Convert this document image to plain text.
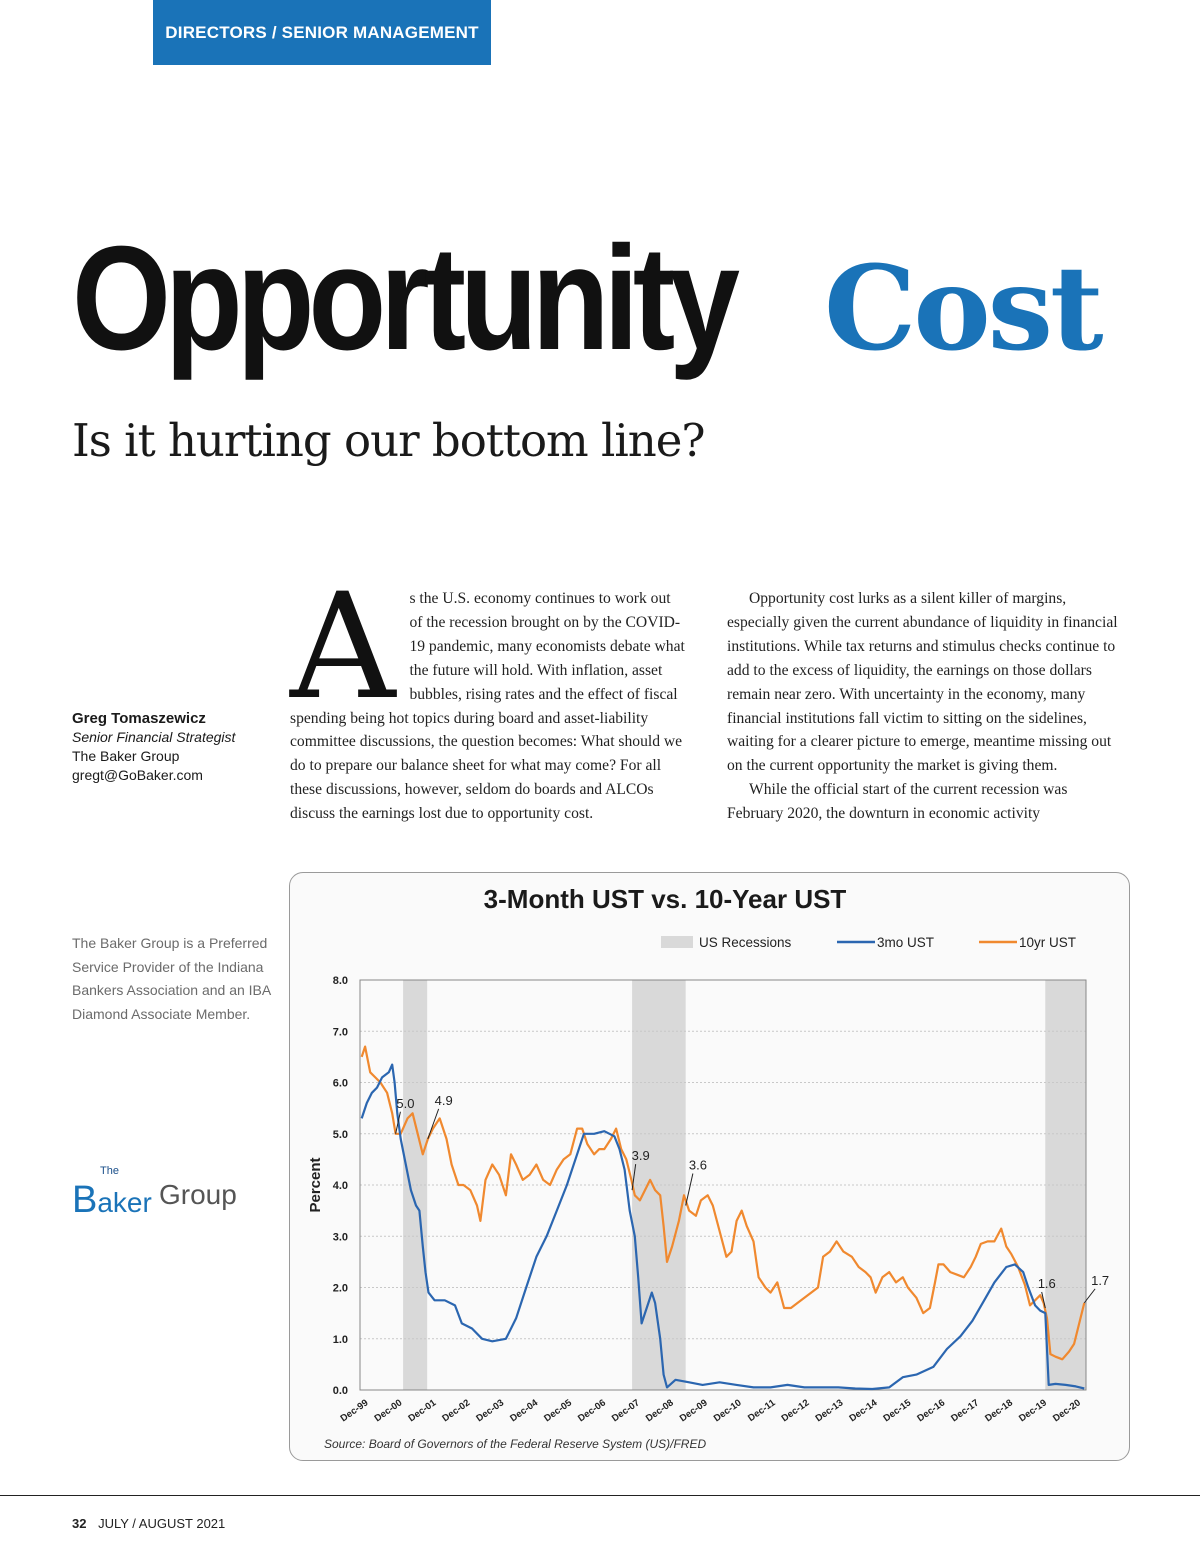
DIRECTORS / SENIOR MANAGEMENT
Opportunity Cost
Is it hurting our bottom line?
Greg Tomaszewicz
Senior Financial Strategist
The Baker Group
gregt@GoBaker.com
The Baker Group is a Preferred Service Provider of the Indiana Bankers Association and an IBA Diamond Associate Member.
The
Baker Group
A s the U.S. economy continues to work out of the recession brought on by the COVID-19 pandemic, many economists debate what the future will hold. With inflation, asset bubbles, rising rates and the effect of fiscal spending being hot topics during board and asset-liability committee discussions, the question becomes: What should we do to prepare our balance sheet for what may come? For all these discussions, however, seldom do boards and ALCOs discuss the earnings lost due to opportunity cost.

Opportunity cost lurks as a silent killer of margins, especially given the current abundance of liquidity in financial institutions. While tax returns and stimulus checks continue to add to the excess of liquidity, the earnings on those dollars remain near zero. With uncertainty in the economy, many financial institutions fall victim to sitting on the sidelines, waiting for a clearer picture to emerge, meantime missing out on the current opportunity the market is giving them.

While the official start of the current recession was February 2020, the downturn in economic activity

3-Month UST vs. 10-Year UST
0.0
1.0
2.0
3.0
4.0
5.0
6.0
7.0
8.0
Percent
Dec-99 Dec-00 Dec-01 Dec-02 Dec-03 Dec-04 Dec-05 Dec-06 Dec-07 Dec-08 Dec-09 Dec-10 Dec-11 Dec-12 Dec-13 Dec-14 Dec-15 Dec-16 Dec-17 Dec-18 Dec-19 Dec-20
5.0 4.9
3.9
3.6
1.6	1.7
US Recessions	3mo UST	10yr UST
Source: Board of Governors of the Federal Reserve System (US)/FRED
32 JULY / AUGUST 2021
